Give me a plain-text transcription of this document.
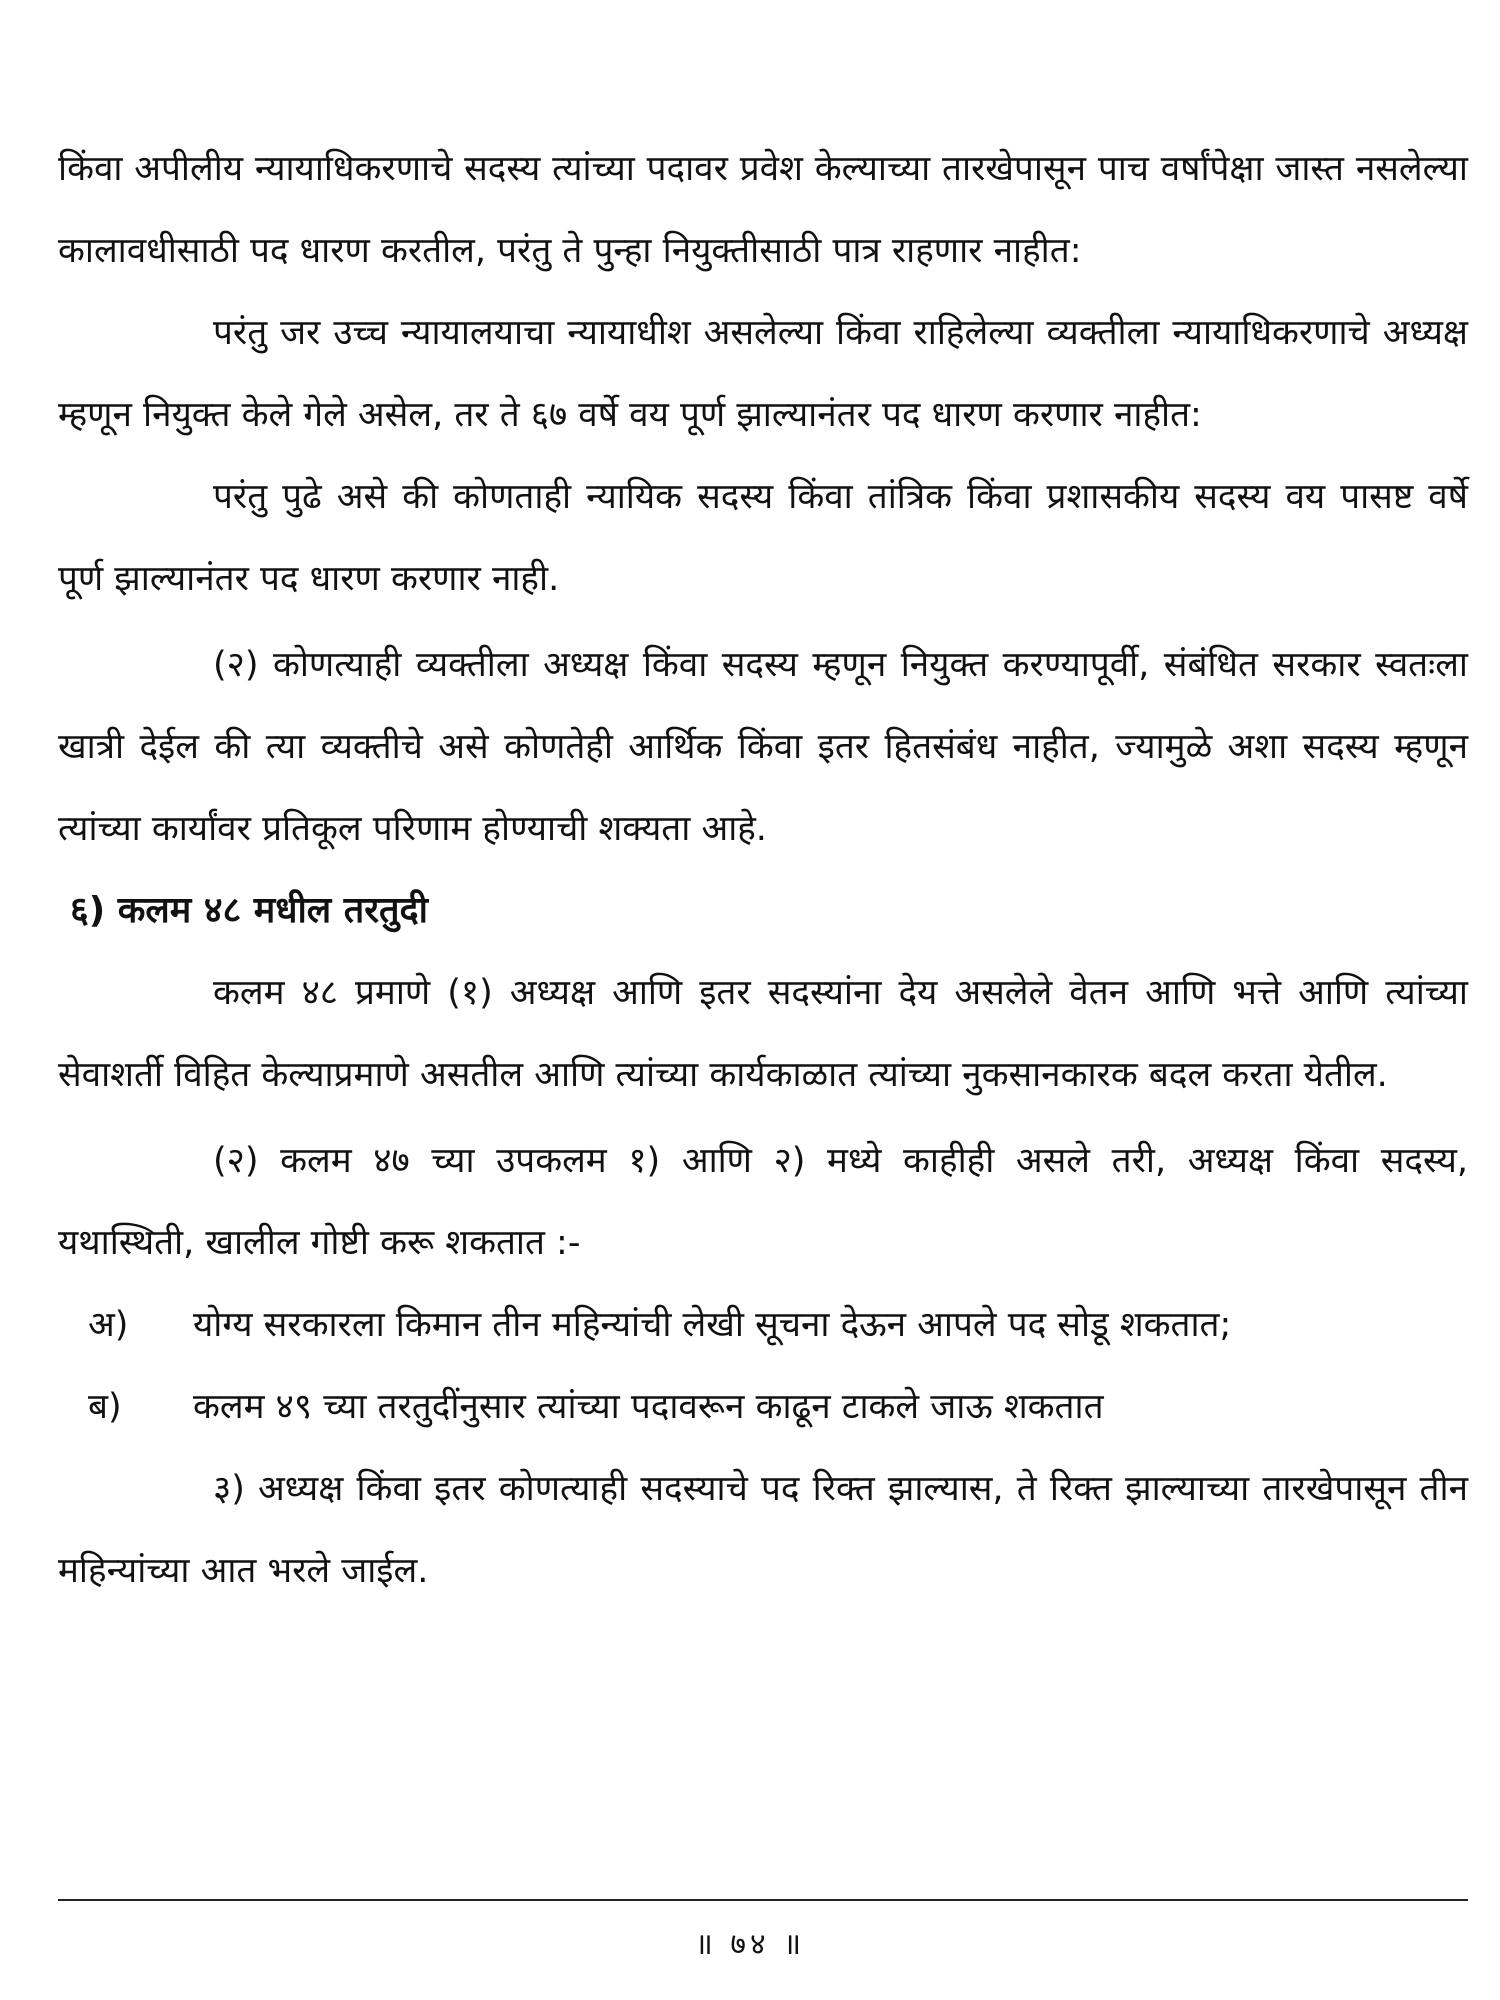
किंवा अपीलीय न्यायाधिकरणाचे सदस्य त्यांच्या पदावर प्रवेश केल्याच्या तारखेपासून पाच वर्षांपेक्षा जास्त नसलेल्या कालावधीसाठी पद धारण करतील, परंतु ते पुन्हा नियुक्तीसाठी पात्र राहणार नाहीत:

परंतु जर उच्च न्यायालयाचा न्यायाधीश असलेल्या किंवा राहिलेल्या व्यक्तीला न्यायाधिकरणाचे अध्यक्ष म्हणून नियुक्त केले गेले असेल, तर ते ६७ वर्षे वय पूर्ण झाल्यानंतर पद धारण करणार नाहीत:

परंतु पुढे असे की कोणताही न्यायिक सदस्य किंवा तांत्रिक किंवा प्रशासकीय सदस्य वय पासष्ट वर्षे पूर्ण झाल्यानंतर पद धारण करणार नाही.

(२) कोणत्याही व्यक्तीला अध्यक्ष किंवा सदस्य म्हणून नियुक्त करण्यापूर्वी, संबंधित सरकार स्वतःला खात्री देईल की त्या व्यक्तीचे असे कोणतेही आर्थिक किंवा इतर हितसंबंध नाहीत, ज्यामुळे अशा सदस्य म्हणून त्यांच्या कार्यांवर प्रतिकूल परिणाम होण्याची शक्यता आहे.

६) कलम ४८ मधील तरतुदी

कलम ४८ प्रमाणे (१) अध्यक्ष आणि इतर सदस्यांना देय असलेले वेतन आणि भत्ते आणि त्यांच्या सेवाशर्ती विहित केल्याप्रमाणे असतील आणि त्यांच्या कार्यकाळात त्यांच्या नुकसानकारक बदल करता येतील.

(२) कलम ४७ च्या उपकलम १) आणि २) मध्ये काहीही असले तरी, अध्यक्ष किंवा सदस्य, यथास्थिती, खालील गोष्टी करू शकतात :-

अ) योग्य सरकारला किमान तीन महिन्यांची लेखी सूचना देऊन आपले पद सोडू शकतात;
ब) कलम ४९ च्या तरतुदींनुसार त्यांच्या पदावरून काढून टाकले जाऊ शकतात

३) अध्यक्ष किंवा इतर कोणत्याही सदस्याचे पद रिक्त झाल्यास, ते रिक्त झाल्याच्या तारखेपासून तीन महिन्यांच्या आत भरले जाईल.

॥ ७४ ॥
